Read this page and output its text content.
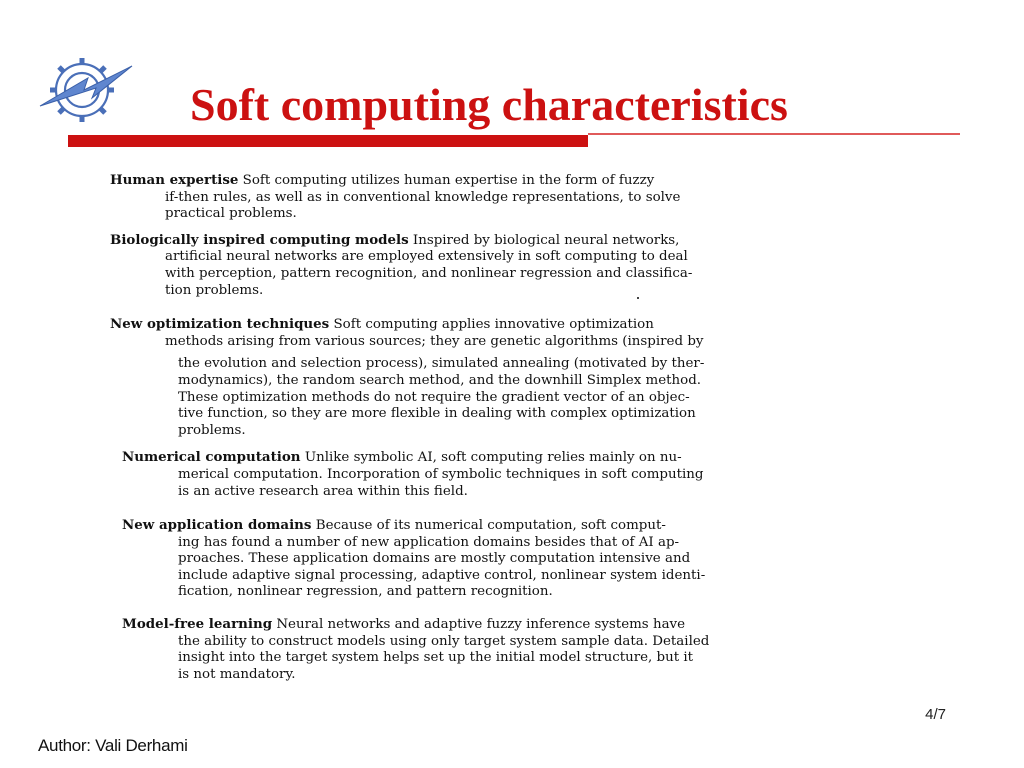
Soft computing characteristics
Human expertise Soft computing utilizes human expertise in the form of fuzzy
if-then rules, as well as in conventional knowledge representations, to solve
practical problems.
Biologically inspired computing models Inspired by biological neural networks,
artificial neural networks are employed extensively in soft computing to deal
with perception, pattern recognition, and nonlinear regression and classifica-
tion problems.
New optimization techniques Soft computing applies innovative optimization
methods arising from various sources; they are genetic algorithms (inspired by
the evolution and selection process), simulated annealing (motivated by ther-
modynamics), the random search method, and the downhill Simplex method.
These optimization methods do not require the gradient vector of an objec-
tive function, so they are more flexible in dealing with complex optimization
problems.
Numerical computation Unlike symbolic AI, soft computing relies mainly on nu-
merical computation. Incorporation of symbolic techniques in soft computing
is an active research area within this field.
New application domains Because of its numerical computation, soft comput-
ing has found a number of new application domains besides that of AI ap-
proaches. These application domains are mostly computation intensive and
include adaptive signal processing, adaptive control, nonlinear system identi-
fication, nonlinear regression, and pattern recognition.
Model-free learning Neural networks and adaptive fuzzy inference systems have
the ability to construct models using only target system sample data. Detailed
insight into the target system helps set up the initial model structure, but it
is not mandatory.
4/7
Author: Vali Derhami
